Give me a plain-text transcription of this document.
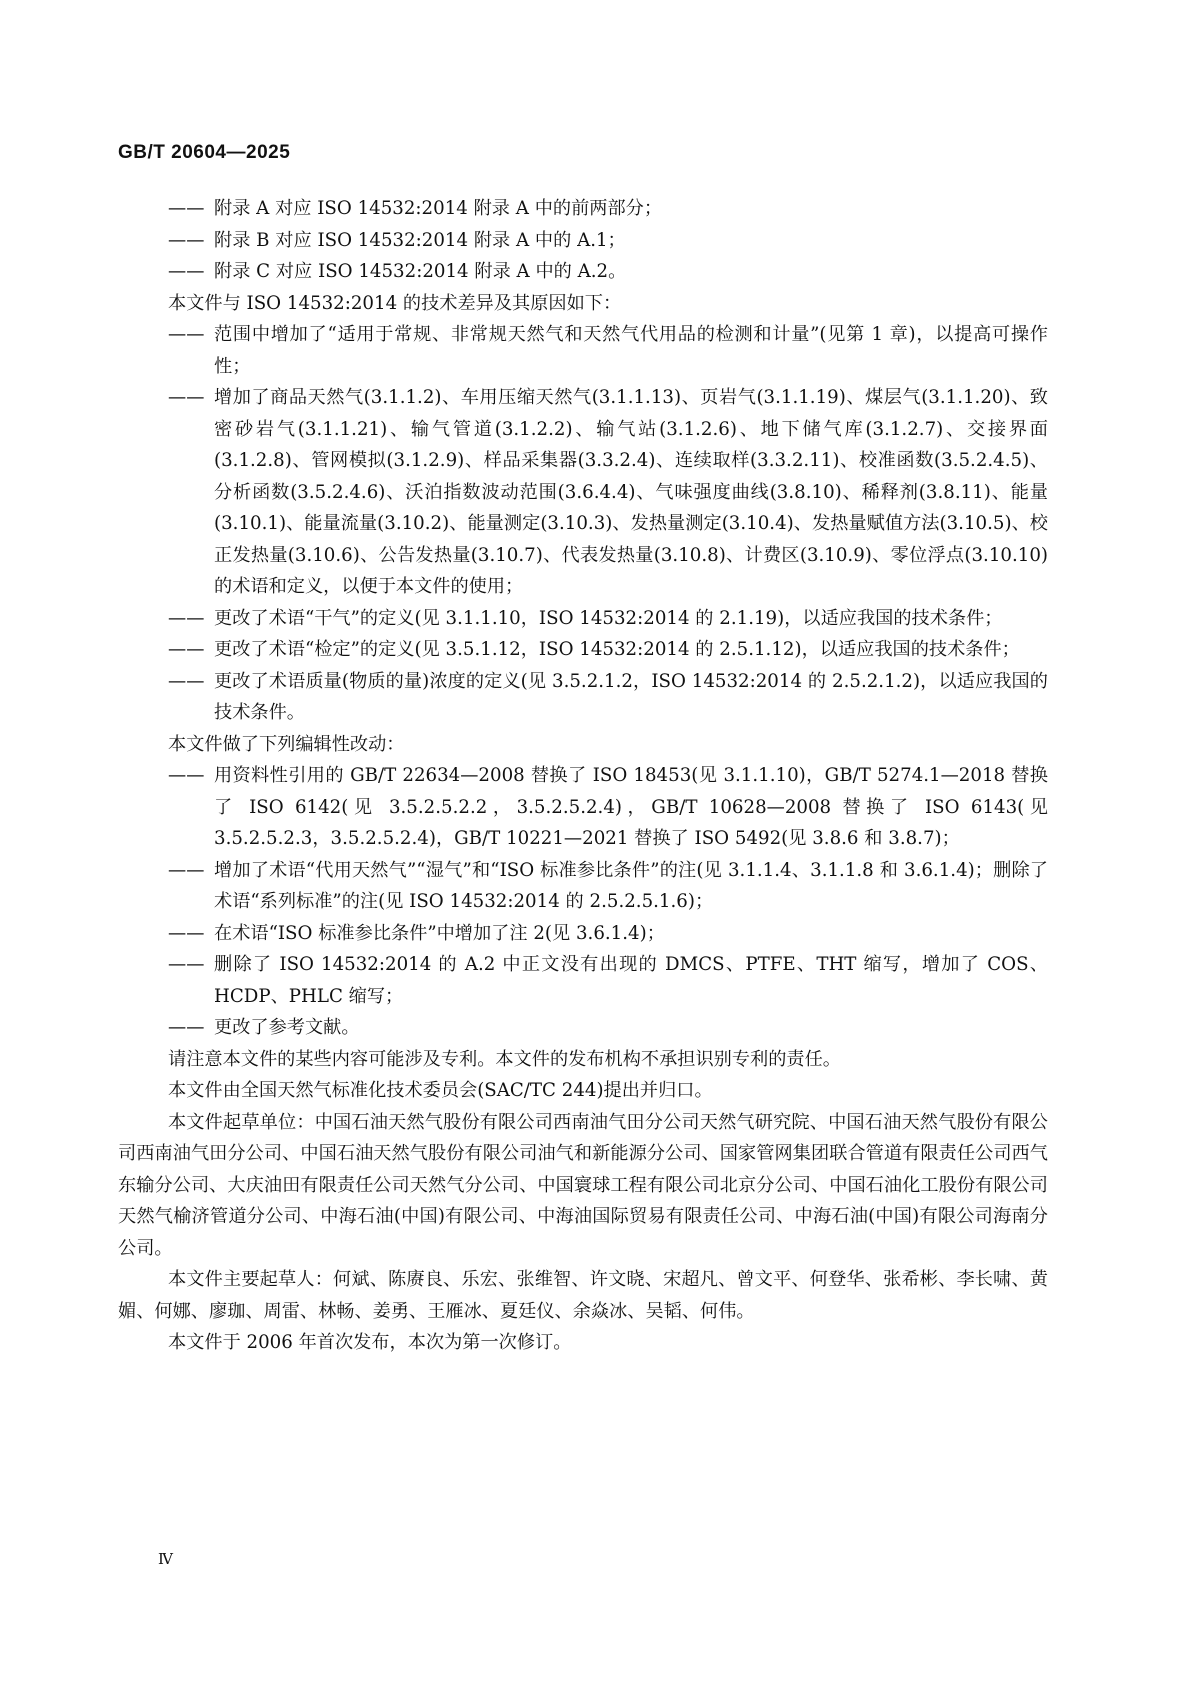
GB/T 20604—2025
—— 附录 A 对应 ISO 14532:2014 附录 A 中的前两部分；
—— 附录 B 对应 ISO 14532:2014 附录 A 中的 A.1；
—— 附录 C 对应 ISO 14532:2014 附录 A 中的 A.2。

本文件与 ISO 14532:2014 的技术差异及其原因如下：

—— 范围中增加了“适用于常规、非常规天然气和天然气代用品的检测和计量”(见第 1 章)，以提高可操作性；
—— 增加了商品天然气(3.1.1.2)、车用压缩天然气(3.1.1.13)、页岩气(3.1.1.19)、煤层气(3.1.1.20)、致密砂岩气(3.1.1.21)、输气管道(3.1.2.2)、输气站(3.1.2.6)、地下储气库(3.1.2.7)、交接界面(3.1.2.8)、管网模拟(3.1.2.9)、样品采集器(3.3.2.4)、连续取样(3.3.2.11)、校准函数(3.5.2.4.5)、分析函数(3.5.2.4.6)、沃泊指数波动范围(3.6.4.4)、气味强度曲线(3.8.10)、稀释剂(3.8.11)、能量(3.10.1)、能量流量(3.10.2)、能量测定(3.10.3)、发热量测定(3.10.4)、发热量赋值方法(3.10.5)、校正发热量(3.10.6)、公告发热量(3.10.7)、代表发热量(3.10.8)、计费区(3.10.9)、零位浮点(3.10.10)的术语和定义，以便于本文件的使用；
—— 更改了术语“干气”的定义(见 3.1.1.10，ISO 14532:2014 的 2.1.19)，以适应我国的技术条件；
—— 更改了术语“检定”的定义(见 3.5.1.12，ISO 14532:2014 的 2.5.1.12)，以适应我国的技术条件；
—— 更改了术语质量(物质的量)浓度的定义(见 3.5.2.1.2，ISO 14532:2014 的 2.5.2.1.2)，以适应我国的技术条件。

本文件做了下列编辑性改动：

—— 用资料性引用的 GB/T 22634—2008 替换了 ISO 18453(见 3.1.1.10)，GB/T 5274.1—2018 替换了 ISO 6142(见 3.5.2.5.2.2，3.5.2.5.2.4)，GB/T 10628—2008 替换了 ISO 6143(见 3.5.2.5.2.3，3.5.2.5.2.4)，GB/T 10221—2021 替换了 ISO 5492(见 3.8.6 和 3.8.7)；
—— 增加了术语“代用天然气”“湿气”和“ISO 标准参比条件”的注(见 3.1.1.4、3.1.1.8 和 3.6.1.4)；删除了术语“系列标准”的注(见 ISO 14532:2014 的 2.5.2.5.1.6)；
—— 在术语“ISO 标准参比条件”中增加了注 2(见 3.6.1.4)；
—— 删除了 ISO 14532:2014 的 A.2 中正文没有出现的 DMCS、PTFE、THT 缩写，增加了 COS、HCDP、PHLC 缩写；
—— 更改了参考文献。

请注意本文件的某些内容可能涉及专利。本文件的发布机构不承担识别专利的责任。

本文件由全国天然气标准化技术委员会(SAC/TC 244)提出并归口。

本文件起草单位：中国石油天然气股份有限公司西南油气田分公司天然气研究院、中国石油天然气股份有限公司西南油气田分公司、中国石油天然气股份有限公司油气和新能源分公司、国家管网集团联合管道有限责任公司西气东输分公司、大庆油田有限责任公司天然气分公司、中国寰球工程有限公司北京分公司、中国石油化工股份有限公司天然气榆济管道分公司、中海石油(中国)有限公司、中海油国际贸易有限责任公司、中海石油(中国)有限公司海南分公司。

本文件主要起草人：何斌、陈赓良、乐宏、张维智、许文晓、宋超凡、曾文平、何登华、张希彬、李长啸、黄媚、何娜、廖珈、周雷、林畅、姜勇、王雁冰、夏廷仪、余焱冰、吴韬、何伟。

本文件于 2006 年首次发布，本次为第一次修订。

Ⅳ
